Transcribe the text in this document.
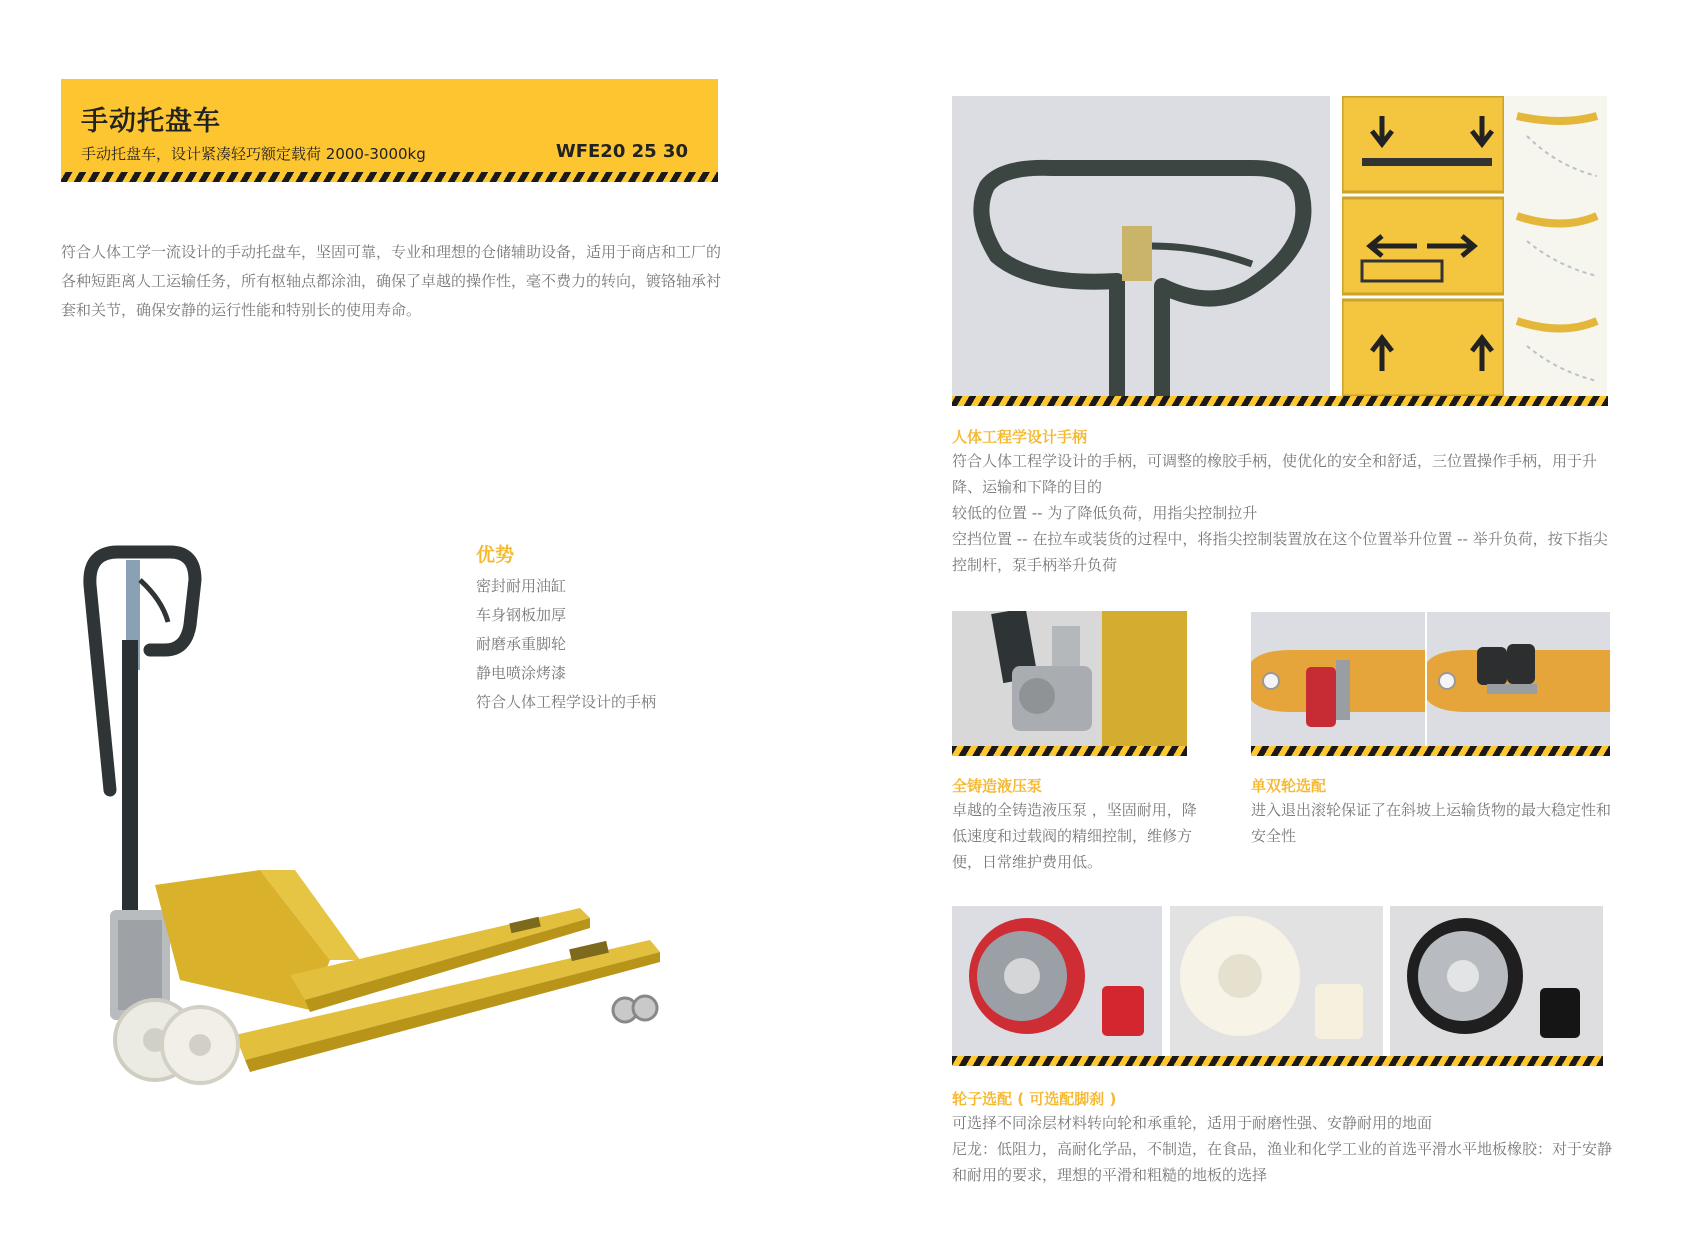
手动托盘车
手动托盘车，设计紧凑轻巧额定载荷 2000-3000kg	WFE20 25 30
符合人体工学一流设计的手动托盘车，坚固可靠，专业和理想的仓储辅助设备，适用于商店和工厂的各种短距离人工运输任务，所有枢轴点都涂油，确保了卓越的操作性，毫不费力的转向，镀铬轴承衬套和关节，确保安静的运行性能和特别长的使用寿命。
优势
密封耐用油缸
车身钢板加厚
耐磨承重脚轮
静电喷涂烤漆
符合人体工程学设计的手柄
人体工程学设计手柄
符合人体工程学设计的手柄，可调整的橡胶手柄，使优化的安全和舒适，三位置操作手柄，用于升降、运输和下降的目的
较低的位置 -- 为了降低负荷，用指尖控制拉升
空挡位置 -- 在拉车或装货的过程中，将指尖控制装置放在这个位置举升位置 -- 举升负荷，按下指尖控制杆，泵手柄举升负荷
全铸造液压泵
卓越的全铸造液压泵 ，坚固耐用，降低速度和过载阀的精细控制，维修方便，日常维护费用低。
单双轮选配
进入退出滚轮保证了在斜坡上运输货物的最大稳定性和安全性
轮子选配 ( 可选配脚刹 )
可选择不同涂层材料转向轮和承重轮，适用于耐磨性强、安静耐用的地面
尼龙：低阻力，高耐化学品，不制造，在食品，渔业和化学工业的首选平滑水平地板橡胶：对于安静和耐用的要求，理想的平滑和粗糙的地板的选择
